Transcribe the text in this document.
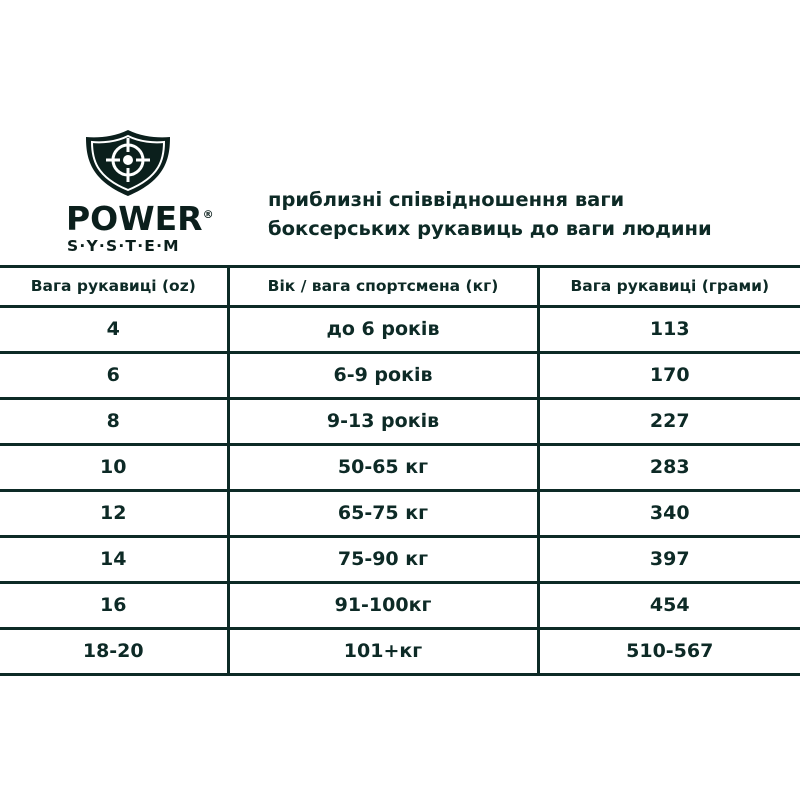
POWER®
S·Y·S·T·E·M
приблизні співвідношення ваги
боксерських рукавиць до ваги людини
Вага рукавиці (oz)	Вік / вага спортсмена (кг)	Вага рукавиці (грами)
4	до 6 років	113
6	6-9 років	170
8	9-13 років	227
10	50-65 кг	283
12	65-75 кг	340
14	75-90 кг	397
16	91-100кг	454
18-20	101+кг	510-567
